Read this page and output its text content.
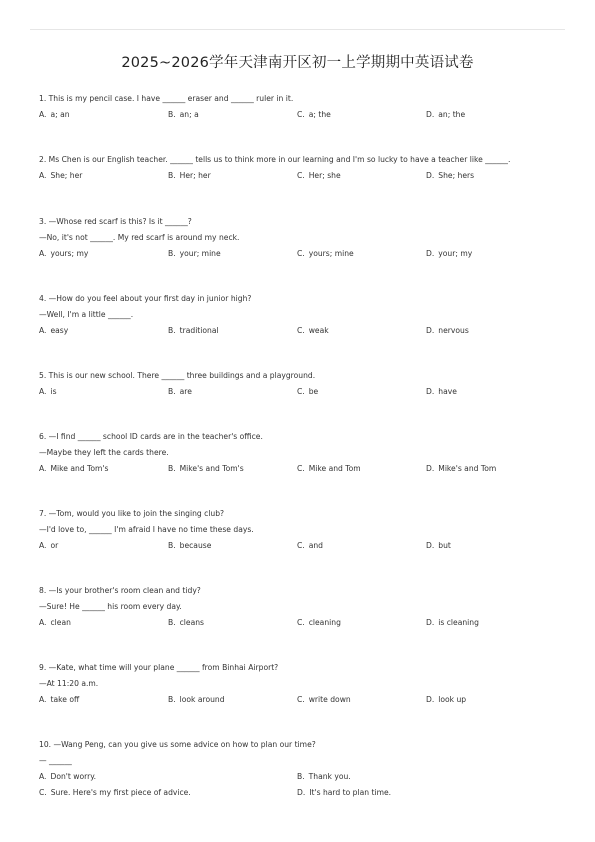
2025~2026学年天津南开区初一上学期期中英语试卷
1. This is my pencil case. I have ______ eraser and ______ ruler in it.
A. a; an	B. an; a	C. a; the	D. an; the
2. Ms Chen is our English teacher. ______ tells us to think more in our learning and I'm so lucky to have a teacher like ______.
A. She; her	B. Her; her	C. Her; she	D. She; hers
3. —Whose red scarf is this? Is it ______?
—No, it's not ______. My red scarf is around my neck.
A. yours; my	B. your; mine	C. yours; mine	D. your; my
4. —How do you feel about your first day in junior high?
—Well, I'm a little ______.
A. easy	B. traditional	C. weak	D. nervous
5. This is our new school. There ______ three buildings and a playground.
A. is	B. are	C. be	D. have
6. —I find ______ school ID cards are in the teacher's office.
—Maybe they left the cards there.
A. Mike and Tom's	B. Mike's and Tom's	C. Mike and Tom	D. Mike's and Tom
7. —Tom, would you like to join the singing club?
—I'd love to, ______ I'm afraid I have no time these days.
A. or	B. because	C. and	D. but
8. —Is your brother's room clean and tidy?
—Sure! He ______ his room every day.
A. clean	B. cleans	C. cleaning	D. is cleaning
9. —Kate, what time will your plane ______ from Binhai Airport?
—At 11:20 a.m.
A. take off	B. look around	C. write down	D. look up
10. —Wang Peng, can you give us some advice on how to plan our time?
— ______
A. Don't worry.	B. Thank you.
C. Sure. Here's my first piece of advice.	D. It's hard to plan time.
